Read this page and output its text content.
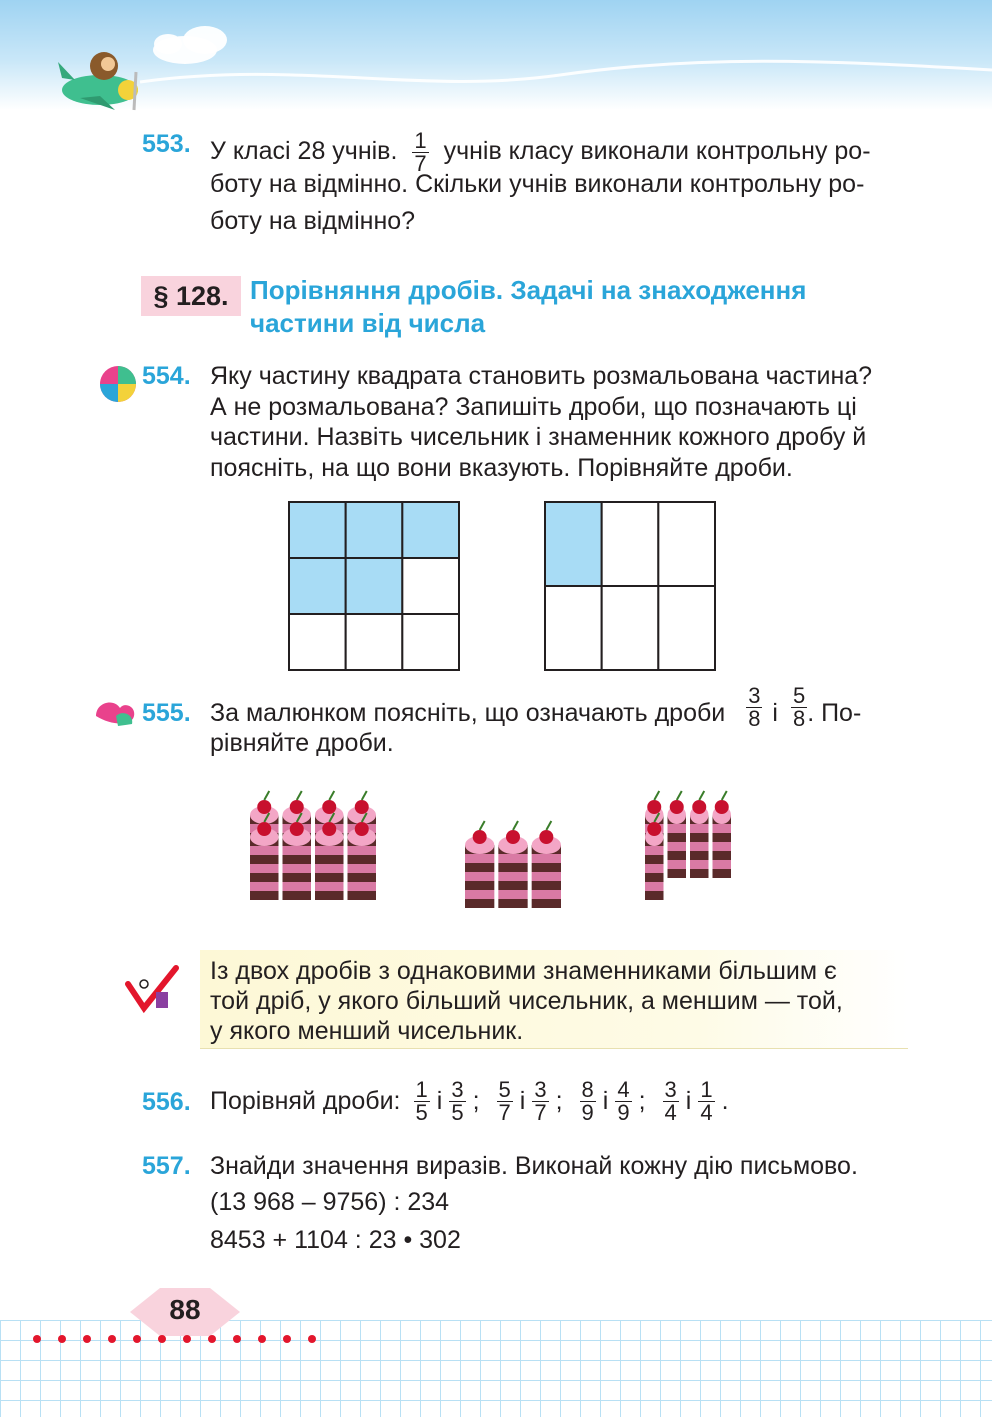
553. У класі 28 учнів. $\frac{1}{7}$ учнів класу виконали контрольну ро-
боту на відмінно. Скільки учнів виконали контрольну ро-
боту на відмінно?
§ 128. Порівняння дробів. Задачі на знаходження
частини від числа
554. Яку частину квадрата становить розмальована частина?
А не розмальована? Запишіть дроби, що позначають ці
частини. Назвіть чисельник і знаменник кожного дробу й
поясніть, на що вони вказують. Порівняйте дроби.
555. За малюнком поясніть, що означають дроби $\frac{3}{8}$ і $\frac{5}{8}$ . По-
рівняйте дроби.
Із двох дробів з однаковими знаменниками більшим є
той дріб, у якого більший чисельник, а меншим — той,
у якого менший чисельник.
556. Порівняй дроби: $\frac{1}{5}$ і $\frac{3}{5}$ ; $\frac{5}{7}$ і $\frac{3}{7}$ ; $\frac{8}{9}$ і $\frac{4}{9}$ ; $\frac{3}{4}$ і $\frac{1}{4}$ .
557. Знайди значення виразів. Виконай кожну дію письмово.
(13 968 – 9756) : 234
8453 + 1104 : 23 • 302
88
